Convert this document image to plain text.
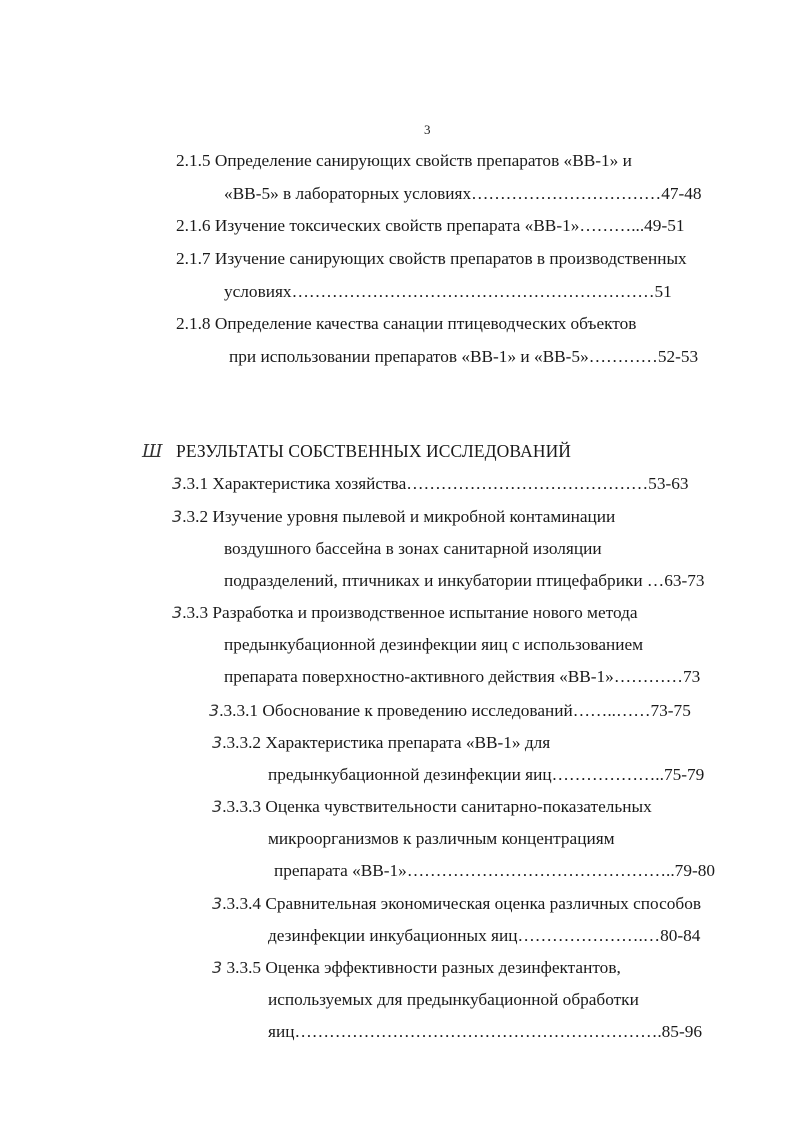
3
2.1.5 Определение санирующих свойств препаратов «ВВ-1» и
«ВВ-5» в лабораторных условиях……………………………47-48
2.1.6 Изучение токсических свойств препарата «ВВ-1»………...49-51
2.1.7 Изучение санирующих свойств препаратов в производственных
условиях………………………………………………………51
2.1.8 Определение качества санации птицеводческих объектов
при использовании препаратов «ВВ-1» и «ВВ-5»…………52-53
Ш РЕЗУЛЬТАТЫ СОБСТВЕННЫХ ИССЛЕДОВАНИЙ
3.3.1 Характеристика хозяйства……………………………………53-63
3.3.2 Изучение уровня пылевой и микробной контаминации
воздушного бассейна в зонах санитарной изоляции
подразделений, птичниках и инкубатории птицефабрики …63-73
3.3.3 Разработка и производственное испытание нового метода
предынкубационной дезинфекции яиц с использованием
препарата поверхностно-активного действия «ВВ-1»…………73
3.3.3.1 Обоснование к проведению исследований……..……73-75
3.3.3.2 Характеристика препарата «ВВ-1» для
предынкубационной дезинфекции яиц………………..75-79
3.3.3.3 Оценка чувствительности санитарно-показательных
микроорганизмов к различным концентрациям
препарата «ВВ-1»………………………………………..79-80
3.3.3.4 Сравнительная экономическая оценка различных способов
дезинфекции инкубационных яиц………………….…80-84
3 3.3.5 Оценка эффективности разных дезинфектантов,
используемых для предынкубационной обработки
яиц……………………………………………………….85-96
